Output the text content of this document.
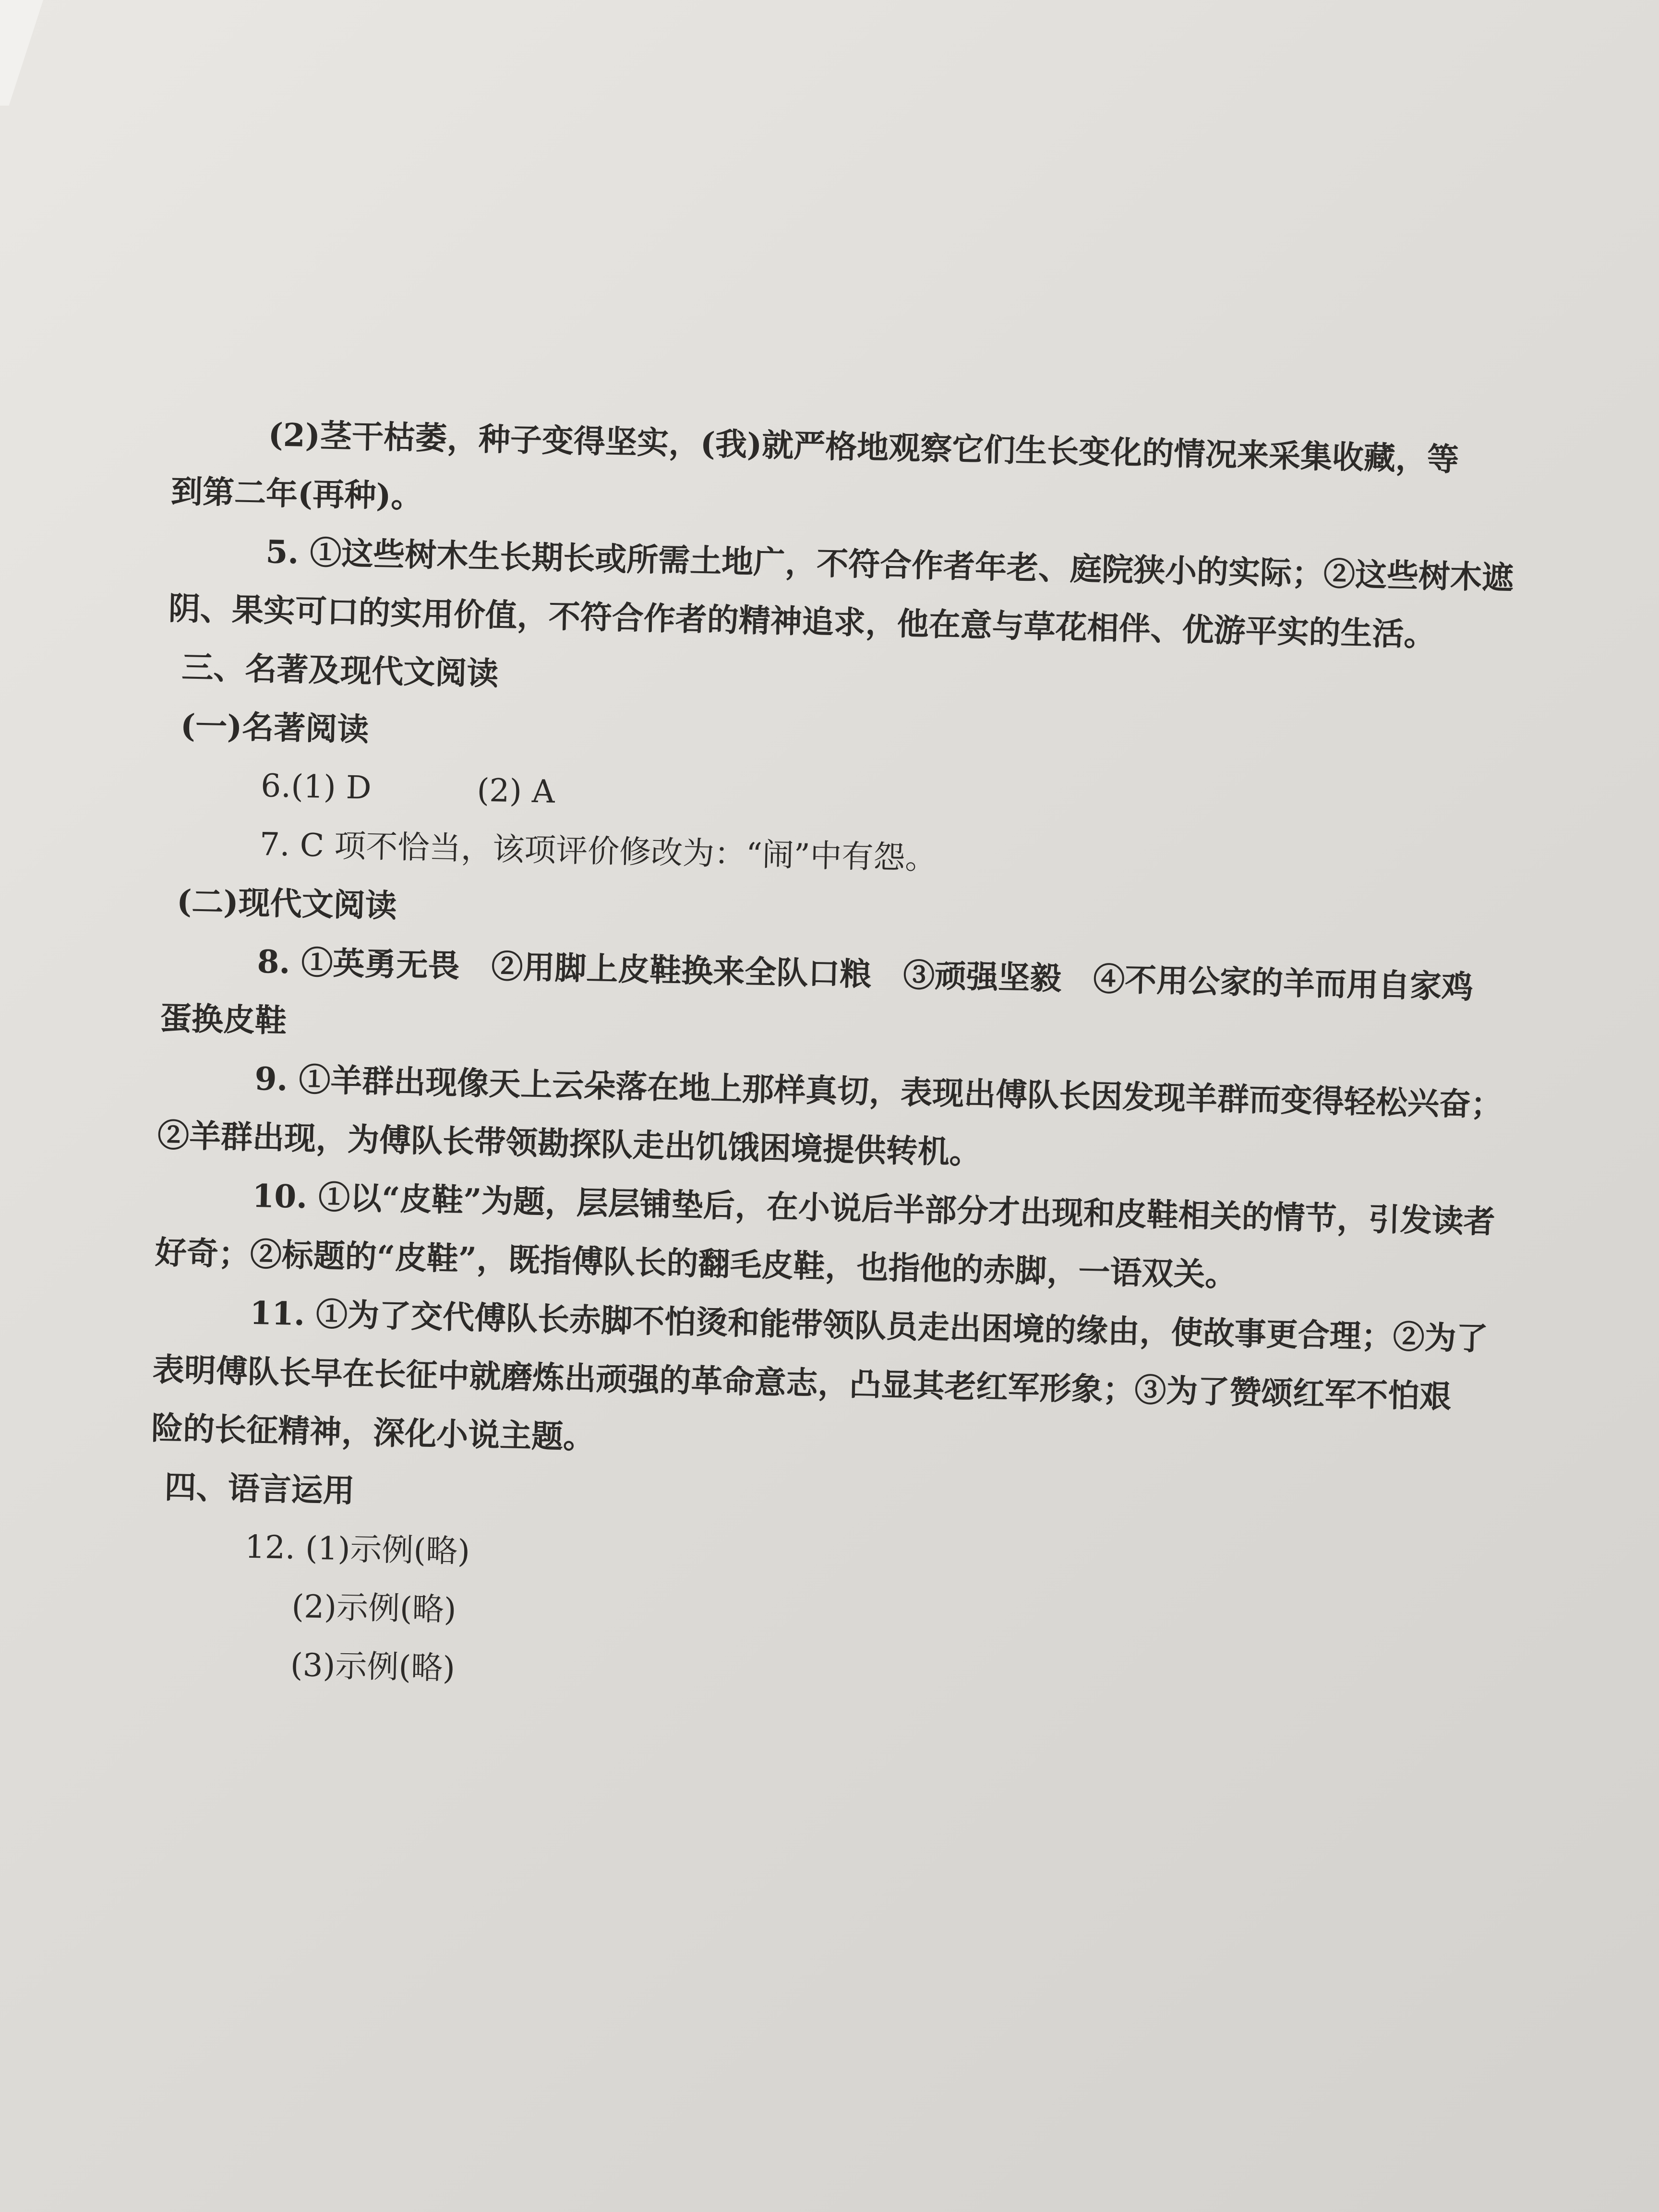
(2)茎干枯萎，种子变得坚实，(我)就严格地观察它们生长变化的情况来采集收藏，等
到第二年(再种)。
5. ①这些树木生长期长或所需土地广，不符合作者年老、庭院狭小的实际；②这些树木遮
阴、果实可口的实用价值，不符合作者的精神追求，他在意与草花相伴、优游平实的生活。
三、名著及现代文阅读
(一)名著阅读
6.(1) D	(2) A
7. C 项不恰当，该项评价修改为：“闹”中有怨。
(二)现代文阅读
8. ①英勇无畏　②用脚上皮鞋换来全队口粮　③顽强坚毅　④不用公家的羊而用自家鸡
蛋换皮鞋
9. ①羊群出现像天上云朵落在地上那样真切，表现出傅队长因发现羊群而变得轻松兴奋；
②羊群出现，为傅队长带领勘探队走出饥饿困境提供转机。
10. ①以“皮鞋”为题，层层铺垫后，在小说后半部分才出现和皮鞋相关的情节，引发读者
好奇；②标题的“皮鞋”，既指傅队长的翻毛皮鞋，也指他的赤脚，一语双关。
11. ①为了交代傅队长赤脚不怕烫和能带领队员走出困境的缘由，使故事更合理；②为了
表明傅队长早在长征中就磨炼出顽强的革命意志，凸显其老红军形象；③为了赞颂红军不怕艰
险的长征精神，深化小说主题。
四、语言运用
12. (1)示例(略)
(2)示例(略)
(3)示例(略)
